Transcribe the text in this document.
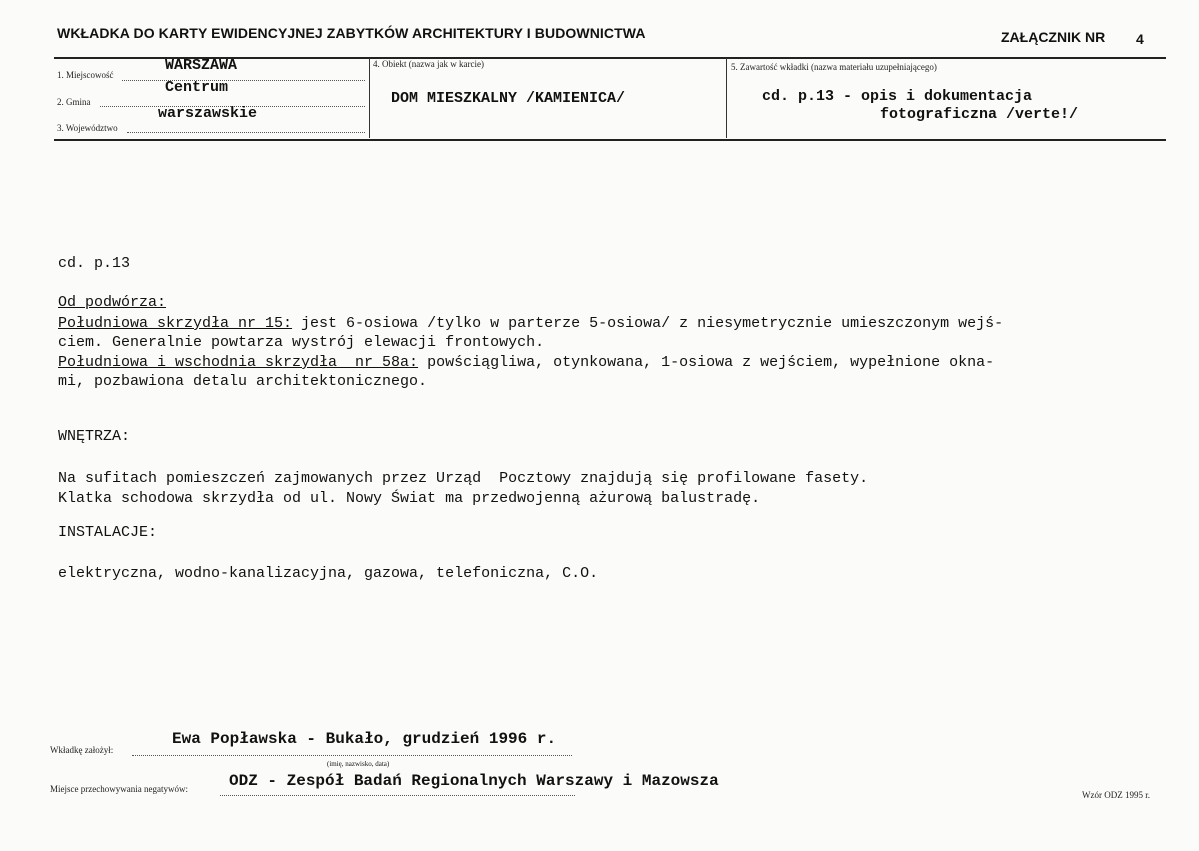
WKŁADKA DO KARTY EWIDENCYJNEJ ZABYTKÓW ARCHITEKTURY I BUDOWNICTWA	ZAŁĄCZNIK NR 4
1. Miejscowość
WARSZAWA
2. Gmina
Centrum
3. Województwo
warszawskie
4. Obiekt (nazwa jak w karcie)
DOM MIESZKALNY /KAMIENICA/
5. Zawartość wkładki (nazwa materiału uzupełniającego)
cd. p.13 - opis i dokumentacja
fotograficzna /verte!/
cd. p.13
Od podwórza:
Południowa skrzydła nr 15: jest 6-osiowa /tylko w parterze 5-osiowa/ z niesymetrycznie umieszczonym wejś-
ciem. Generalnie powtarza wystrój elewacji frontowych.
Południowa i wschodnia skrzydła  nr 58a: powściągliwa, otynkowana, 1-osiowa z wejściem, wypełnione okna-
mi, pozbawiona detalu architektonicznego.
WNĘTRZA:
Na sufitach pomieszczeń zajmowanych przez Urząd  Pocztowy znajdują się profilowane fasety.
Klatka schodowa skrzydła od ul. Nowy Świat ma przedwojenną ażurową balustradę.
INSTALACJE:
elektryczna, wodno-kanalizacyjna, gazowa, telefoniczna, C.O.
Wkładkę założył:
Ewa Popławska - Bukało, grudzień 1996 r.
(imię, nazwisko, data)
Miejsce przechowywania negatywów:	ODZ - Zespół Badań Regionalnych Warszawy i Mazowsza
Wzór ODZ 1995 r.
